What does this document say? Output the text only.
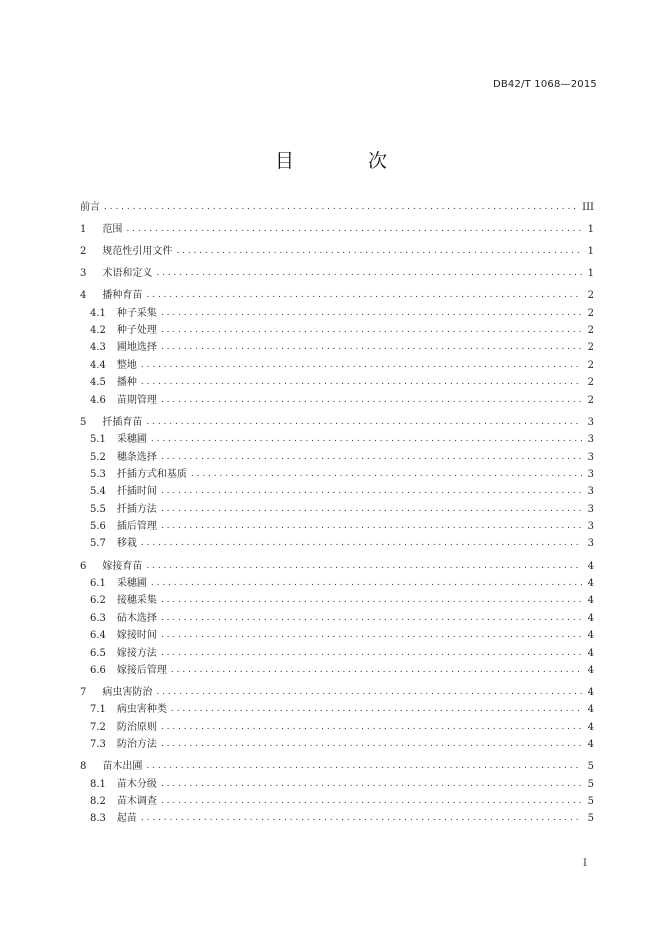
DB42/T 1068—2015
目 次
前言 . . .	III
1 范围 . . .	1
2 规范性引用文件 . . .	1
3 术语和定义 . . .	1
4 播种育苗 . . .	2
4.1 种子采集 . . .	2
4.2 种子处理 . . .	2
4.3 圃地选择 . . .	2
4.4 整地 . . .	2
4.5 播种 . . .	2
4.6 苗期管理 . . .	2
5 扦插育苗 . . .	3
5.1 采穗圃 . . .	3
5.2 穗条选择 . . .	3
5.3 扦插方式和基质 . . .	3
5.4 扦插时间 . . .	3
5.5 扦插方法 . . .	3
5.6 插后管理 . . .	3
5.7 移栽 . . .	3
6 嫁接育苗 . . .	4
6.1 采穗圃 . . .	4
6.2 接穗采集 . . .	4
6.3 砧木选择 . . .	4
6.4 嫁接时间 . . .	4
6.5 嫁接方法 . . .	4
6.6 嫁接后管理 . . .	4
7 病虫害防治 . . .	4
7.1 病虫害种类 . . .	4
7.2 防治原则 . . .	4
7.3 防治方法 . . .	4
8 苗木出圃 . . .	5
8.1 苗木分级 . . .	5
8.2 苗木调查 . . .	5
8.3 起苗 . . .	5
I
